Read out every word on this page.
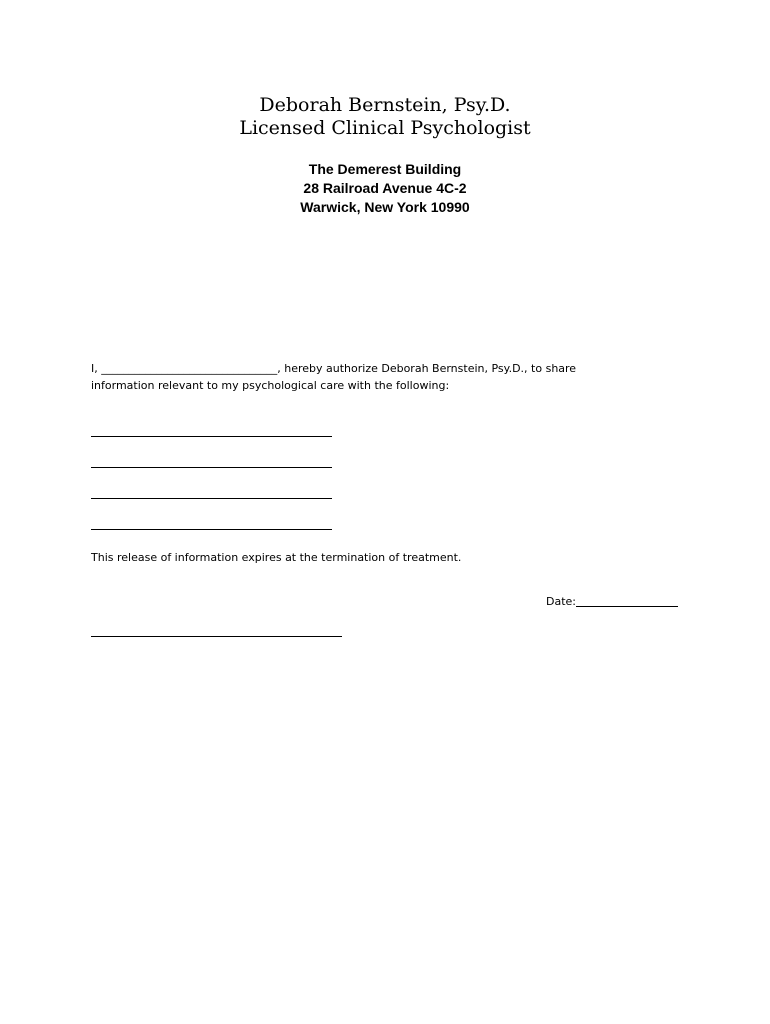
Deborah Bernstein, Psy.D.
Licensed Clinical Psychologist
The Demerest Building
28 Railroad Avenue 4C-2
Warwick, New York 10990
I, ________________________________, hereby authorize Deborah Bernstein, Psy.D., to share
information relevant to my psychological care with the following:
This release of information expires at the termination of treatment.
Date:
